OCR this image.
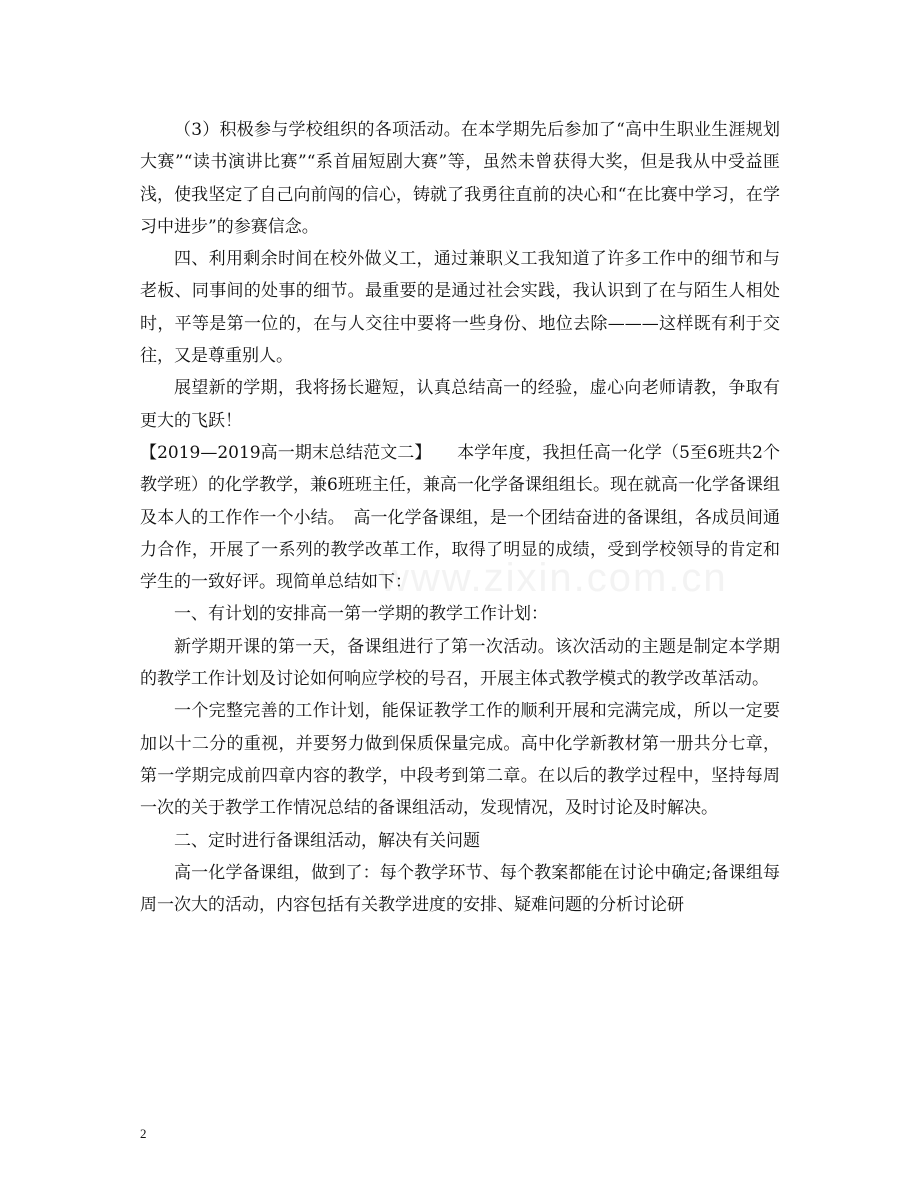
www.zixin.com.cn

（3）积极参与学校组织的各项活动。在本学期先后参加了“高中生职业生涯规划大赛”“读书演讲比赛”“系首届短剧大赛”等，虽然未曾获得大奖，但是我从中受益匪浅，使我坚定了自己向前闯的信心，铸就了我勇往直前的决心和“在比赛中学习，在学习中进步”的参赛信念。

四、利用剩余时间在校外做义工，通过兼职义工我知道了许多工作中的细节和与老板、同事间的处事的细节。最重要的是通过社会实践，我认识到了在与陌生人相处时，平等是第一位的，在与人交往中要将一些身份、地位去除———这样既有利于交往，又是尊重别人。

展望新的学期，我将扬长避短，认真总结高一的经验，虚心向老师请教，争取有更大的飞跃！

【2019—2019高一期末总结范文二】　　本学年度，我担任高一化学（5至6班共2个教学班）的化学教学，兼6班班主任，兼高一化学备课组组长。现在就高一化学备课组及本人的工作作一个小结。　高一化学备课组，是一个团结奋进的备课组，各成员间通力合作，开展了一系列的教学改革工作，取得了明显的成绩，受到学校领导的肯定和学生的一致好评。现简单总结如下：

一、有计划的安排高一第一学期的教学工作计划：

新学期开课的第一天，备课组进行了第一次活动。该次活动的主题是制定本学期的教学工作计划及讨论如何响应学校的号召，开展主体式教学模式的教学改革活动。

一个完整完善的工作计划，能保证教学工作的顺利开展和完满完成，所以一定要加以十二分的重视，并要努力做到保质保量完成。高中化学新教材第一册共分七章，第一学期完成前四章内容的教学，中段考到第二章。在以后的教学过程中，坚持每周一次的关于教学工作情况总结的备课组活动，发现情况，及时讨论及时解决。

二、定时进行备课组活动，解决有关问题

高一化学备课组，做到了：每个教学环节、每个教案都能在讨论中确定;备课组每周一次大的活动，内容包括有关教学进度的安排、疑难问题的分析讨论研

2
